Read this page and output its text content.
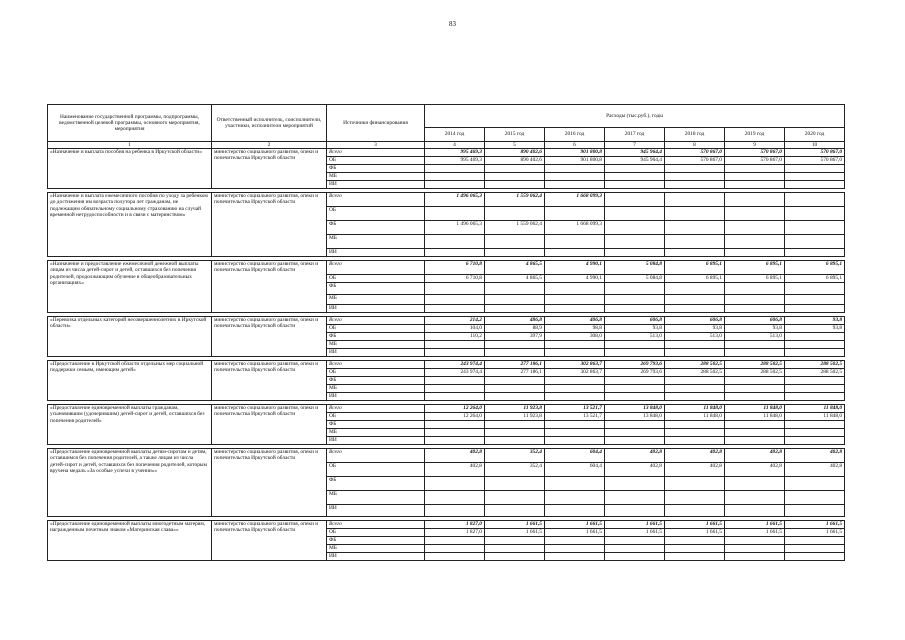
83
Наименование государственной программы, подпрограммы, ведомственной целевой программы, основного мероприятия, мероприятия	Ответственный исполнитель, соисполнители, участники, исполнители мероприятий	Источники финансирования	Расходы (тыс.руб.), годы						
			2014 год	2015 год	2016 год	2017 год	2018 год	2019 год	2020 год
1	2	3	4	5	6	7	8	9	10
«Назначение и выплата пособия на ребенка в Иркутской области»	министерство социального развития, опеки и попечительства Иркутской области	Всего	995 469,3	890 402,6	901 800,8	945 964,4	570 867,0	570 867,0	570 867,0
		ОБ	995 469,3	890 402,6	901 800,8	945 964,4	570 867,0	570 867,0	570 867,0
		ФБ							
		МБ							
		ИИ							

«Назначение и выплата ежемесячного пособия по уходу за ребенком до достижения им возраста полутора лет гражданам, не подлежащим обязательному социальному страхованию на случай временной нетрудоспособности и в связи с материнством»	министерство социального развития, опеки и попечительства Иркутской области	Всего	1 496 065,3	1 559 062,4	1 668 099,3				
		ОБ							
		ФБ	1 496 065,3	1 559 062,4	1 668 099,3				
		МБ							
		ИИ							

«Назначение и предоставление ежемесячной денежной выплаты лицам из числа детей-сирот и детей, оставшихся без попечения родителей, продолжающим обучение в общеобразовательных организациях»	министерство социального развития, опеки и попечительства Иркутской области	Всего	6 710,8	4 865,5	4 990,1	5 084,8	6 895,1	6 895,1	6 895,1
		ОБ	6 710,8	4 865,5	4 990,1	5 084,8	6 895,1	6 895,1	6 895,1
		ФБ							
		МБ							
		ИИ							

«Перевозка отдельных категорий несовершеннолетних в Иркутской области»	министерство социального развития, опеки и попечительства Иркутской области	Всего	214,2	486,8	406,8	606,8	606,8	606,8	93,8
		ОБ	104,0	88,9	98,8	93,8	93,8	93,8	93,8
		ФБ	110,2	397,9	308,0	513,0	513,0	513,0	
		МБ							
		ИИ							

«Предоставление в Иркутской области отдельных мер социальной поддержки семьям, имеющим детей»	министерство социального развития, опеки и попечительства Иркутской области	Всего	243 974,4	277 186,1	302 863,7	269 793,6	288 502,5	288 502,5	288 502,5
		ОБ	243 974,4	277 186,1	302 863,7	269 793,6	288 502,5	288 502,5	288 502,5
		ФБ							
		МБ							
		ИИ							

«Предоставление единовременной выплаты гражданам, усыновившим (удочерившим) детей-сирот и детей, оставшихся без попечения родителей»	министерство социального развития, опеки и попечительства Иркутской области	Всего	12 264,0	11 923,8	13 521,7	13 848,0	11 848,0	11 848,0	11 848,0
		ОБ	12 264,0	11 923,8	13 521,7	13 848,0	11 848,0	11 848,0	11 848,0
		ФБ							
		МБ							
		ИИ							

«Предоставление единовременной выплаты детям-сиротам и детям, оставшимся без попечения родителей, а также лицам из числа детей-сирот и детей, оставшихся без попечения родителей, которым вручена медаль «За особые успехи в учении»»	министерство социального развития, опеки и попечительства Иркутской области	Всего	402,8	352,4	604,4	402,8	402,8	402,8	402,8
		ОБ	402,8	352,4	604,4	402,8	402,8	402,8	402,8
		ФБ							
		МБ							
		ИИ							

«Предоставление единовременной выплаты многодетным матерям, награжденным почетным знаком «Материнская слава»»	министерство социального развития, опеки и попечительства Иркутской области	Всего	1 827,0	1 661,5	1 661,5	1 661,5	1 661,5	1 661,5	1 661,5
		ОБ	1 827,0	1 661,5	1 661,5	1 661,5	1 661,5	1 661,5	1 661,5
		ФБ							
		МБ							
		ИИ							
